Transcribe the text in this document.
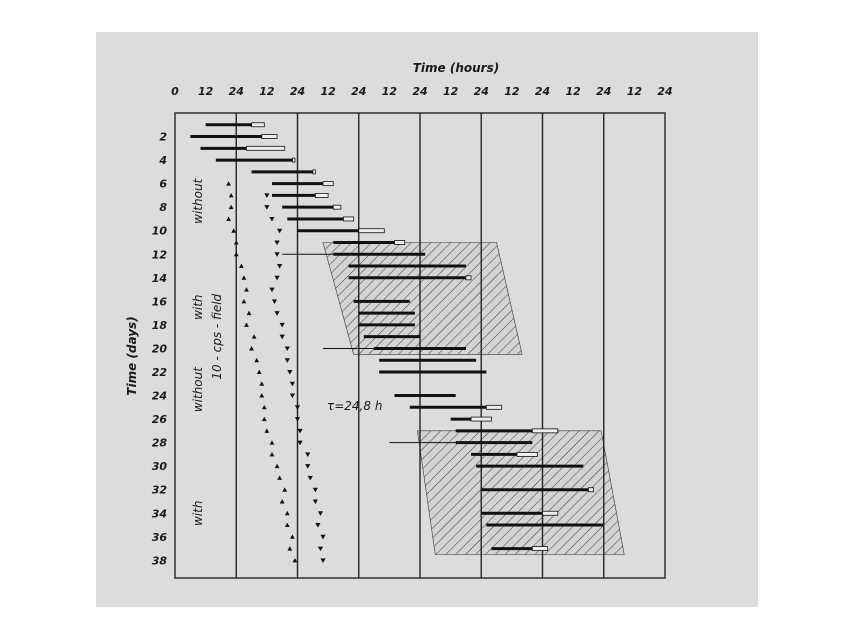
0 12 24 12 24 12 24 12 24 12 24 12 24 12 24 12 24
2
4
6
8
10
12
14
16
18
20
22
24
26
28
30
32
34
36
38
without
with 10 - cps - field
without
with
Time (hours)
Time (days)
τ=24,8 h
